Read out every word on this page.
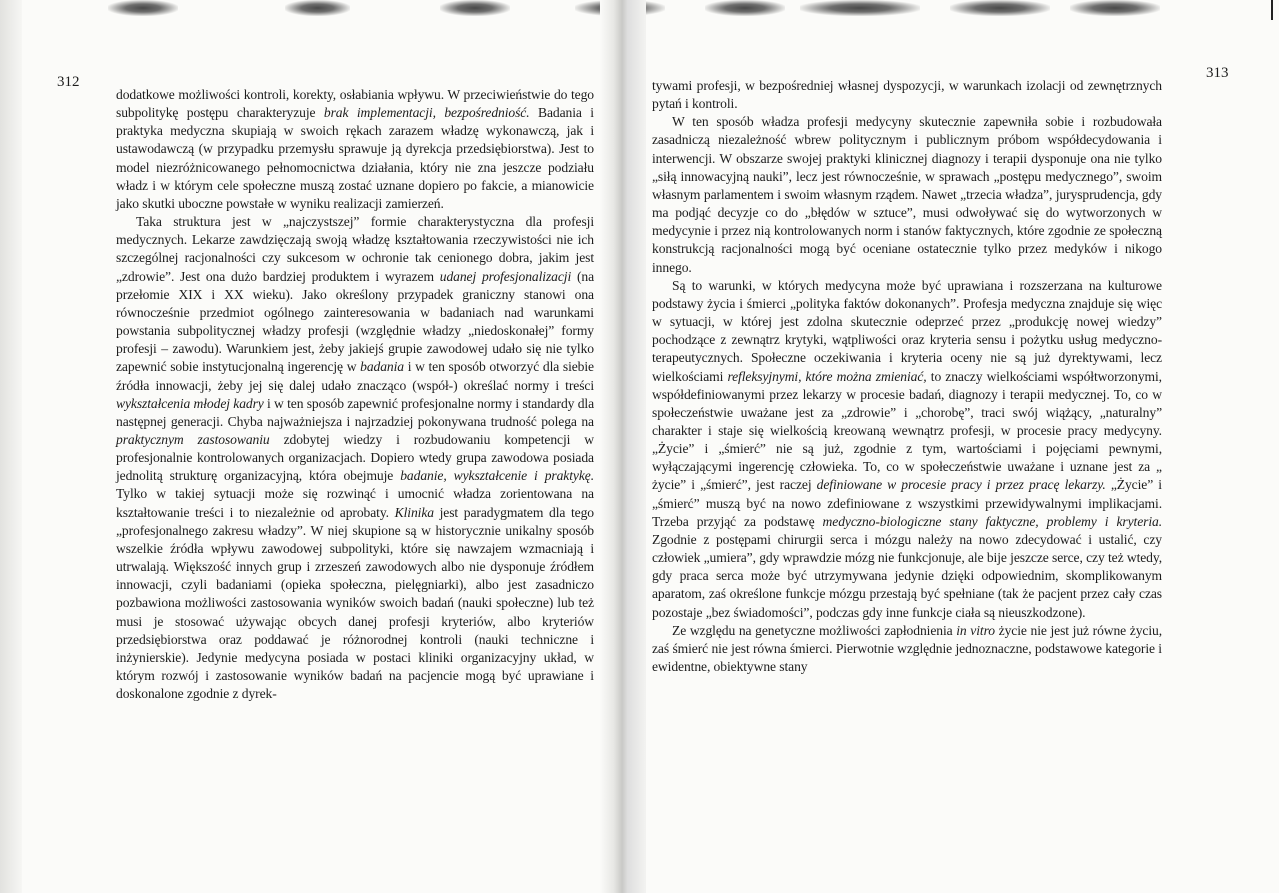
312

dodatkowe możliwości kontroli, korekty, osłabiania wpływu. W przeciwieństwie do tego subpolitykę postępu charakteryzuje brak implementacji, bezpośredniość. Badania i praktyka medyczna skupiają w swoich rękach zarazem władzę wykonawczą, jak i ustawodawczą (w przypadku przemysłu sprawuje ją dyrekcja przedsiębiorstwa). Jest to model niezróżnicowanego pełnomocnictwa działania, który nie zna jeszcze podziału władz i w którym cele społeczne muszą zostać uznane dopiero po fakcie, a mianowicie jako skutki uboczne powstałe w wyniku realizacji zamierzeń.

Taka struktura jest w „najczystszej” formie charakterystyczna dla profesji medycznych. Lekarze zawdzięczają swoją władzę kształtowania rzeczywistości nie ich szczególnej racjonalności czy sukcesom w ochronie tak cenionego dobra, jakim jest „zdrowie”. Jest ona dużo bardziej produktem i wyrazem udanej profesjonalizacji (na przełomie XIX i XX wieku). Jako określony przypadek graniczny stanowi ona równocześnie przedmiot ogólnego zainteresowania w badaniach nad warunkami powstania subpolitycznej władzy profesji (względnie władzy „niedoskonałej” formy profesji – zawodu). Warunkiem jest, żeby jakiejś grupie zawodowej udało się nie tylko zapewnić sobie instytucjonalną ingerencję w badania i w ten sposób otworzyć dla siebie źródła innowacji, żeby jej się dalej udało znacząco (współ-) określać normy i treści wykształcenia młodej kadry i w ten sposób zapewnić profesjonalne normy i standardy dla następnej generacji. Chyba najważniejsza i najrzadziej pokonywana trudność polega na praktycznym zastosowaniu zdobytej wiedzy i rozbudowaniu kompetencji w profesjonalnie kontrolowanych organizacjach. Dopiero wtedy grupa zawodowa posiada jednolitą strukturę organizacyjną, która obejmuje badanie, wykształcenie i praktykę. Tylko w takiej sytuacji może się rozwinąć i umocnić władza zorientowana na kształtowanie treści i to niezależnie od aprobaty. Klinika jest paradygmatem dla tego „profesjonalnego zakresu władzy”. W niej skupione są w historycznie unikalny sposób wszelkie źródła wpływu zawodowej subpolityki, które się nawzajem wzmacniają i utrwalają. Większość innych grup i zrzeszeń zawodowych albo nie dysponuje źródłem innowacji, czyli badaniami (opieka społeczna, pielęgniarki), albo jest zasadniczo pozbawiona możliwości zastosowania wyników swoich badań (nauki społeczne) lub też musi je stosować używając obcych danej profesji kryteriów, albo kryteriów przedsiębiorstwa oraz poddawać je różnorodnej kontroli (nauki techniczne i inżynierskie). Jedynie medycyna posiada w postaci kliniki organizacyjny układ, w którym rozwój i zastosowanie wyników badań na pacjencie mogą być uprawiane i doskonalone zgodnie z dyrek-

313

tywami profesji, w bezpośredniej własnej dyspozycji, w warunkach izolacji od zewnętrznych pytań i kontroli.

W ten sposób władza profesji medycyny skutecznie zapewniła sobie i rozbudowała zasadniczą niezależność wbrew politycznym i publicznym próbom współdecydowania i interwencji. W obszarze swojej praktyki klinicznej diagnozy i terapii dysponuje ona nie tylko „siłą innowacyjną nauki”, lecz jest równocześnie, w sprawach „postępu medycznego”, swoim własnym parlamentem i swoim własnym rządem. Nawet „trzecia władza”, jurysprudencja, gdy ma podjąć decyzje co do „błędów w sztuce”, musi odwoływać się do wytworzonych w medycynie i przez nią kontrolowanych norm i stanów faktycznych, które zgodnie ze społeczną konstrukcją racjonalności mogą być oceniane ostatecznie tylko przez medyków i nikogo innego.

Są to warunki, w których medycyna może być uprawiana i rozszerzana na kulturowe podstawy życia i śmierci „polityka faktów dokonanych”. Profesja medyczna znajduje się więc w sytuacji, w której jest zdolna skutecznie odeprzeć przez „produkcję nowej wiedzy” pochodzące z zewnątrz krytyki, wątpliwości oraz kryteria sensu i pożytku usług medyczno-terapeutycznych. Społeczne oczekiwania i kryteria oceny nie są już dyrektywami, lecz wielkościami refleksyjnymi, które można zmieniać, to znaczy wielkościami współtworzonymi, współdefiniowanymi przez lekarzy w procesie badań, diagnozy i terapii medycznej. To, co w społeczeństwie uważane jest za „zdrowie” i „chorobę”, traci swój wiążący, „naturalny” charakter i staje się wielkością kreowaną wewnątrz profesji, w procesie pracy medycyny. „Życie” i „śmierć” nie są już, zgodnie z tym, wartościami i pojęciami pewnymi, wyłączającymi ingerencję człowieka. To, co w społeczeństwie uważane i uznane jest za „ życie” i „śmierć”, jest raczej definiowane w procesie pracy i przez pracę lekarzy. „Życie” i „śmierć” muszą być na nowo zdefiniowane z wszystkimi przewidywalnymi implikacjami. Trzeba przyjąć za podstawę medyczno-biologiczne stany faktyczne, problemy i kryteria. Zgodnie z postępami chirurgii serca i mózgu należy na nowo zdecydować i ustalić, czy człowiek „umiera”, gdy wprawdzie mózg nie funkcjonuje, ale bije jeszcze serce, czy też wtedy, gdy praca serca może być utrzymywana jedynie dzięki odpowiednim, skomplikowanym aparatom, zaś określone funkcje mózgu przestają być spełniane (tak że pacjent przez cały czas pozostaje „bez świadomości”, podczas gdy inne funkcje ciała są nieuszkodzone).

Ze względu na genetyczne możliwości zapłodnienia in vitro życie nie jest już równe życiu, zaś śmierć nie jest równa śmierci. Pierwotnie względnie jednoznaczne, podstawowe kategorie i ewidentne, obiektywne stany
